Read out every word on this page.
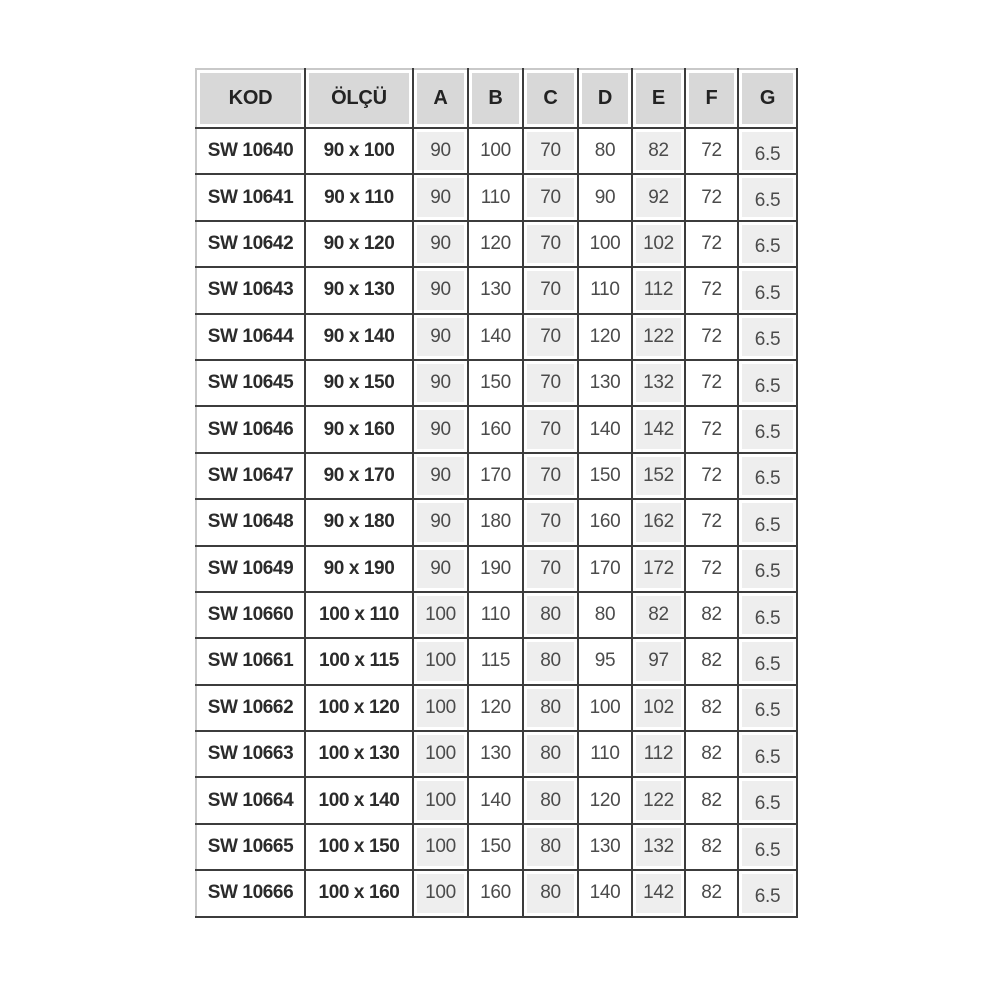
KOD	ÖLÇÜ	A	B	C	D	E	F	G
SW 10640	90 x 100	90	100	70	80	82	72	6.5
SW 10641	90 x 110	90	110	70	90	92	72	6.5
SW 10642	90 x 120	90	120	70	100	102	72	6.5
SW 10643	90 x 130	90	130	70	110	112	72	6.5
SW 10644	90 x 140	90	140	70	120	122	72	6.5
SW 10645	90 x 150	90	150	70	130	132	72	6.5
SW 10646	90 x 160	90	160	70	140	142	72	6.5
SW 10647	90 x 170	90	170	70	150	152	72	6.5
SW 10648	90 x 180	90	180	70	160	162	72	6.5
SW 10649	90 x 190	90	190	70	170	172	72	6.5
SW 10660	100 x 110	100	110	80	80	82	82	6.5
SW 10661	100 x 115	100	115	80	95	97	82	6.5
SW 10662	100 x 120	100	120	80	100	102	82	6.5
SW 10663	100 x 130	100	130	80	110	112	82	6.5
SW 10664	100 x 140	100	140	80	120	122	82	6.5
SW 10665	100 x 150	100	150	80	130	132	82	6.5
SW 10666	100 x 160	100	160	80	140	142	82	6.5
